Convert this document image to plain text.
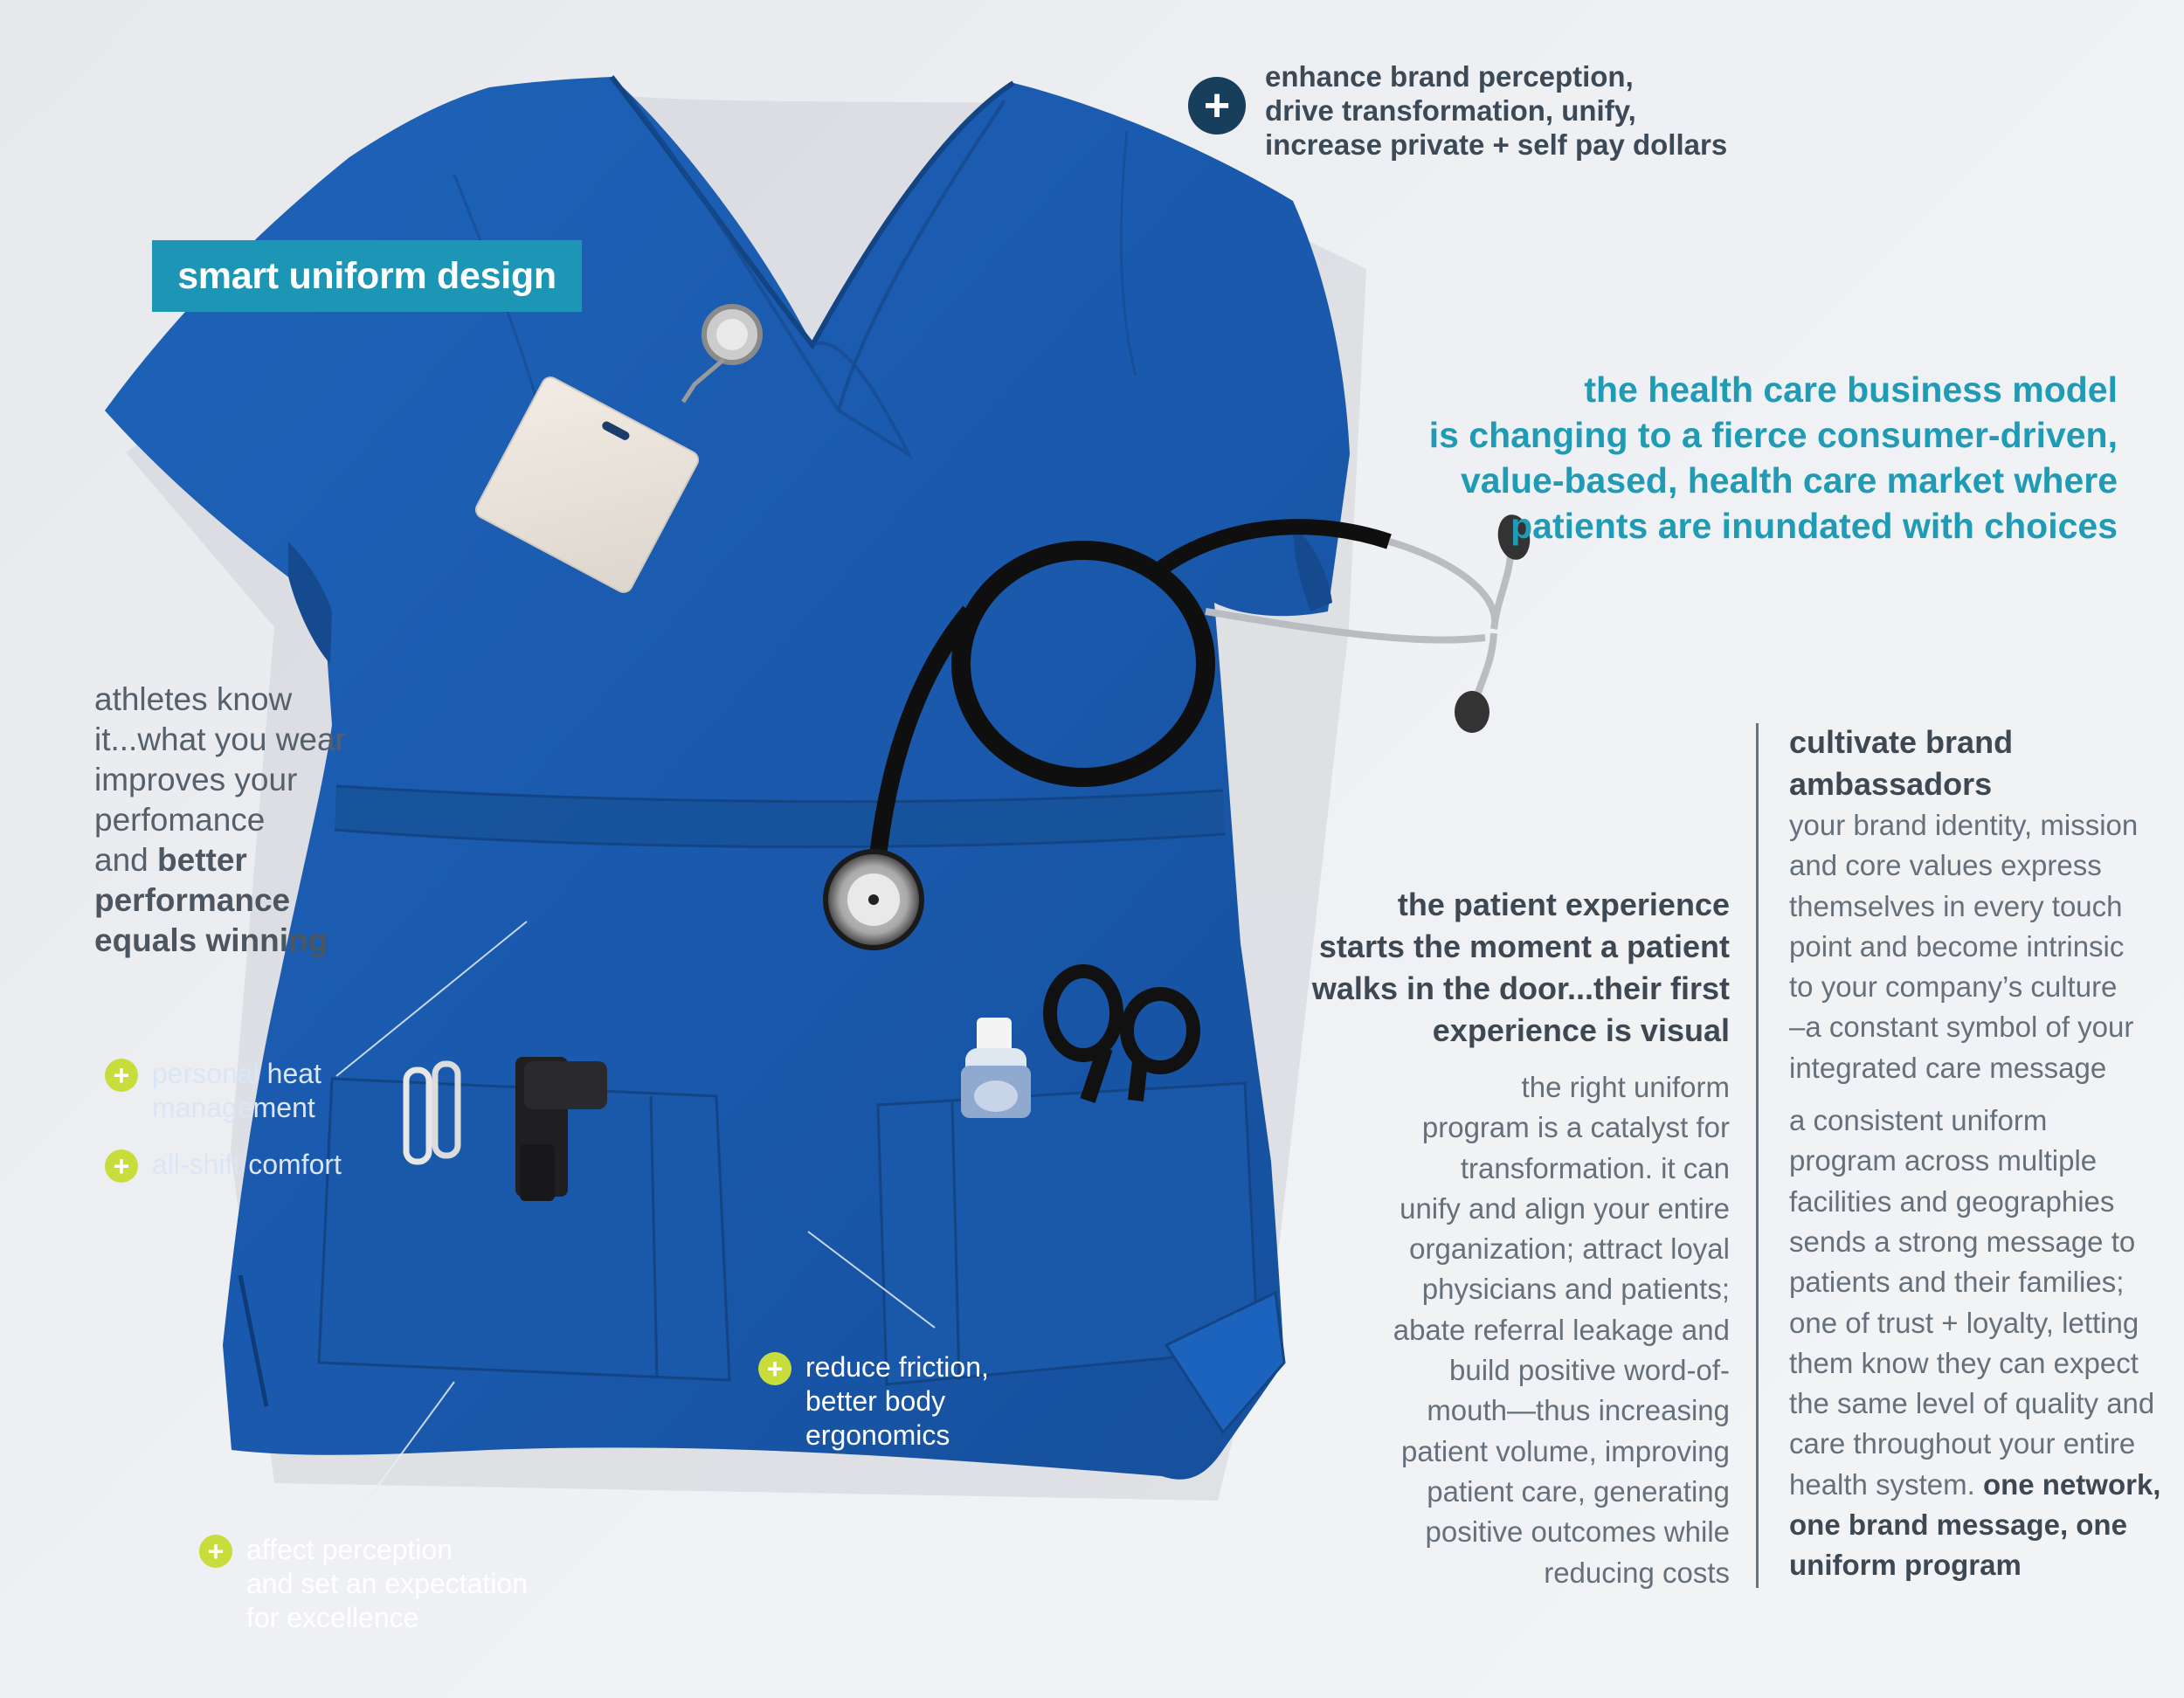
smart uniform design
+
enhance brand perception,
drive transformation, unify,
increase private + self pay dollars
the health care business model
is changing to a fierce consumer-driven,
value-based, health care market where
patients are inundated with choices
athletes know
it...what you wear
improves your
perfomance
and better
performance
equals winning
+ personal heat
management
+ all-shift comfort
+ reduce friction,
better body
ergonomics
+ affect perception
and set an expectation
for excellence
the patient experience
starts the moment a patient
walks in the door...their first
experience is visual
the right uniform
program is a catalyst for
transformation. it can
unify and align your entire
organization; attract loyal
physicians and patients;
abate referral leakage and
build positive word-of-
mouth—thus increasing
patient volume, improving
patient care, generating
positive outcomes while
reducing costs
cultivate brand
ambassadors
your brand identity, mission
and core values express
themselves in every touch
point and become intrinsic
to your company’s culture
–a constant symbol of your
integrated care message
a consistent uniform
program across multiple
facilities and geographies
sends a strong message to
patients and their families;
one of trust + loyalty, letting
them know they can expect
the same level of quality and
care throughout your entire
health system. one network,
one brand message, one
uniform program
